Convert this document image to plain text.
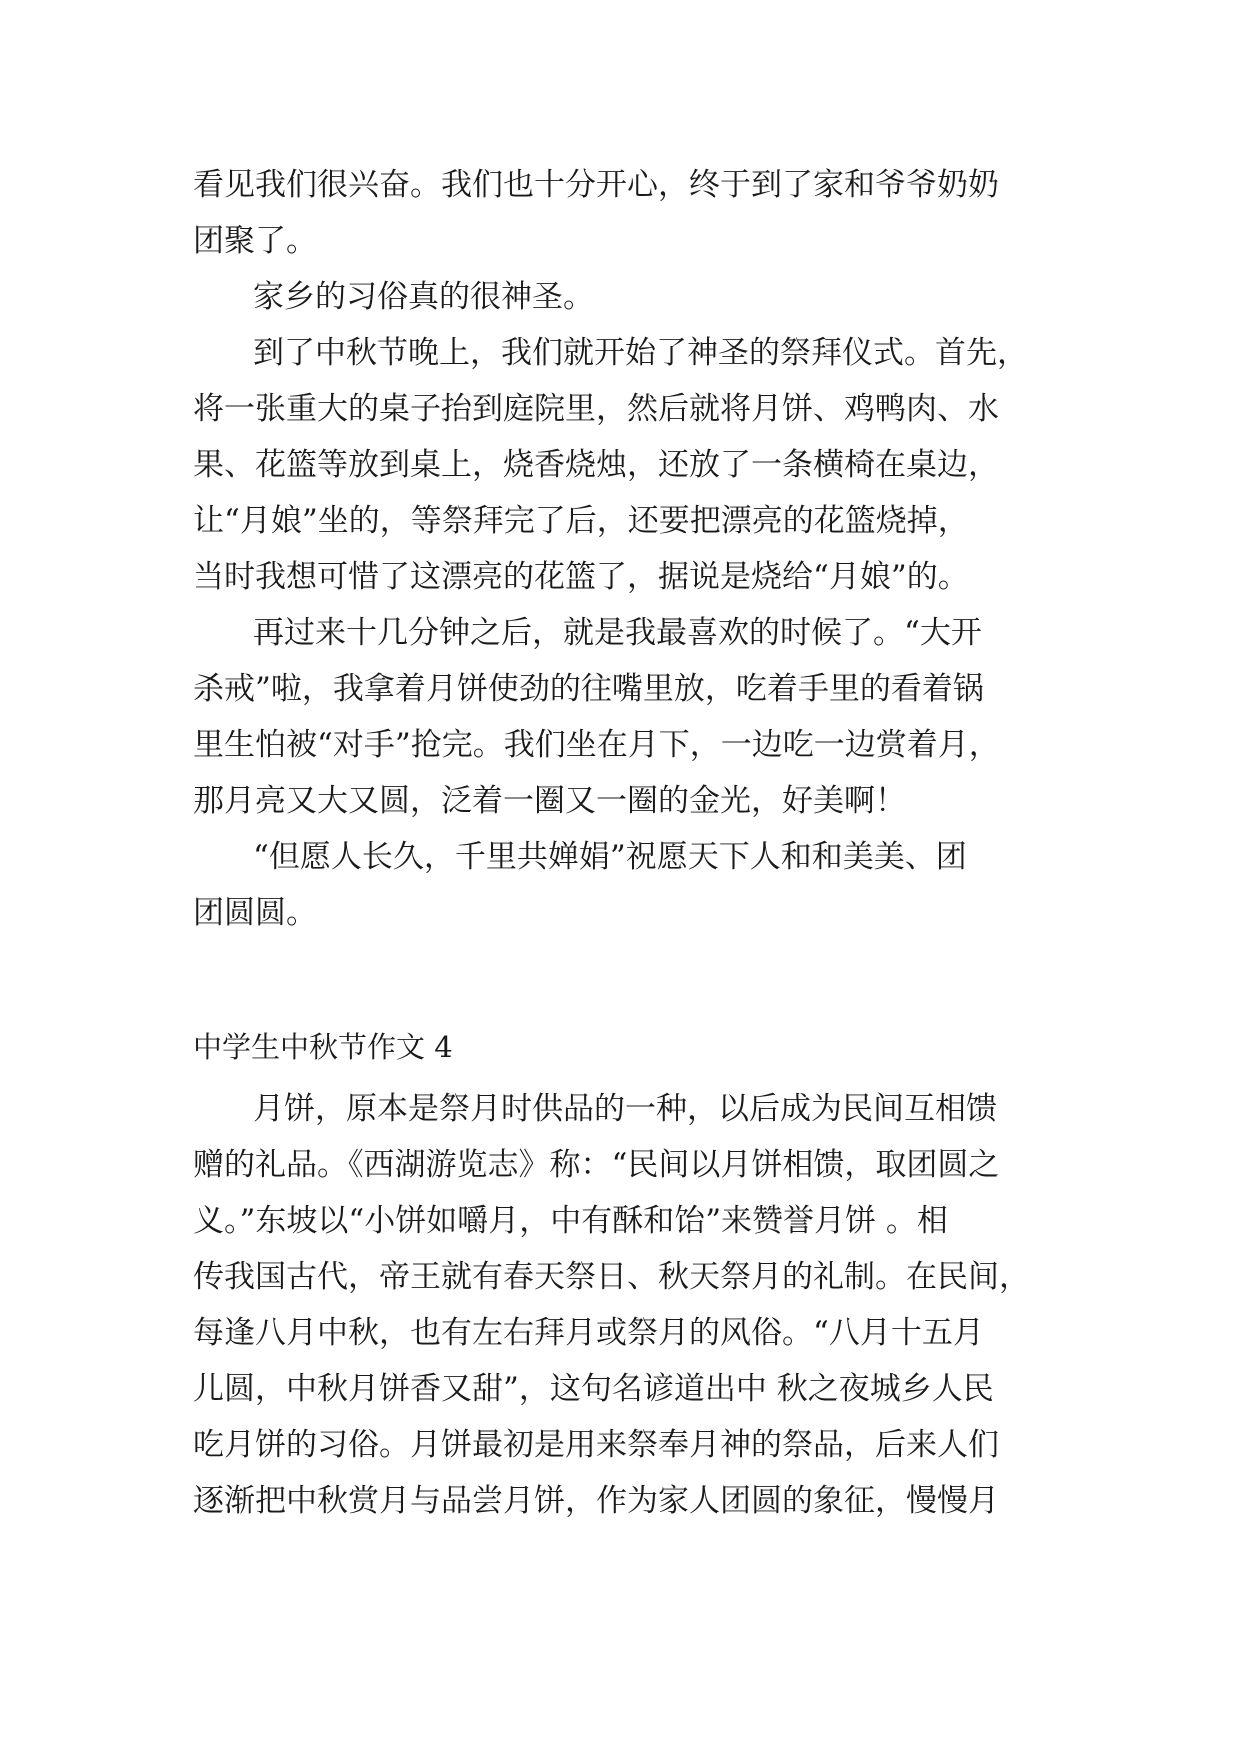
看见我们很兴奋。我们也十分开心，终于到了家和爷爷奶奶
团聚了。
家乡的习俗真的很神圣。
到了中秋节晚上，我们就开始了神圣的祭拜仪式。首先，
将一张重大的桌子抬到庭院里，然后就将月饼、鸡鸭肉、水
果、花篮等放到桌上，烧香烧烛，还放了一条横椅在桌边，
让“月娘”坐的，等祭拜完了后，还要把漂亮的花篮烧掉，
当时我想可惜了这漂亮的花篮了，据说是烧给“月娘”的。
再过来十几分钟之后，就是我最喜欢的时候了。“大开
杀戒”啦，我拿着月饼使劲的往嘴里放，吃着手里的看着锅
里生怕被“对手”抢完。我们坐在月下，一边吃一边赏着月，
那月亮又大又圆，泛着一圈又一圈的金光，好美啊！
“但愿人长久，千里共婵娟”祝愿天下人和和美美、团
团圆圆。
中学生中秋节作文 4
月饼，原本是祭月时供品的一种，以后成为民间互相馈
赠的礼品。《西湖游览志》称：“民间以月饼相馈，取团圆之
义。”东坡以“小饼如嚼月，中有酥和饴”来赞誉月饼 。相
传我国古代，帝王就有春天祭日、秋天祭月的礼制。在民间，
每逢八月中秋，也有左右拜月或祭月的风俗。“八月十五月
儿圆，中秋月饼香又甜”，这句名谚道出中 秋之夜城乡人民
吃月饼的习俗。月饼最初是用来祭奉月神的祭品，后来人们
逐渐把中秋赏月与品尝月饼，作为家人团圆的象征，慢慢月
